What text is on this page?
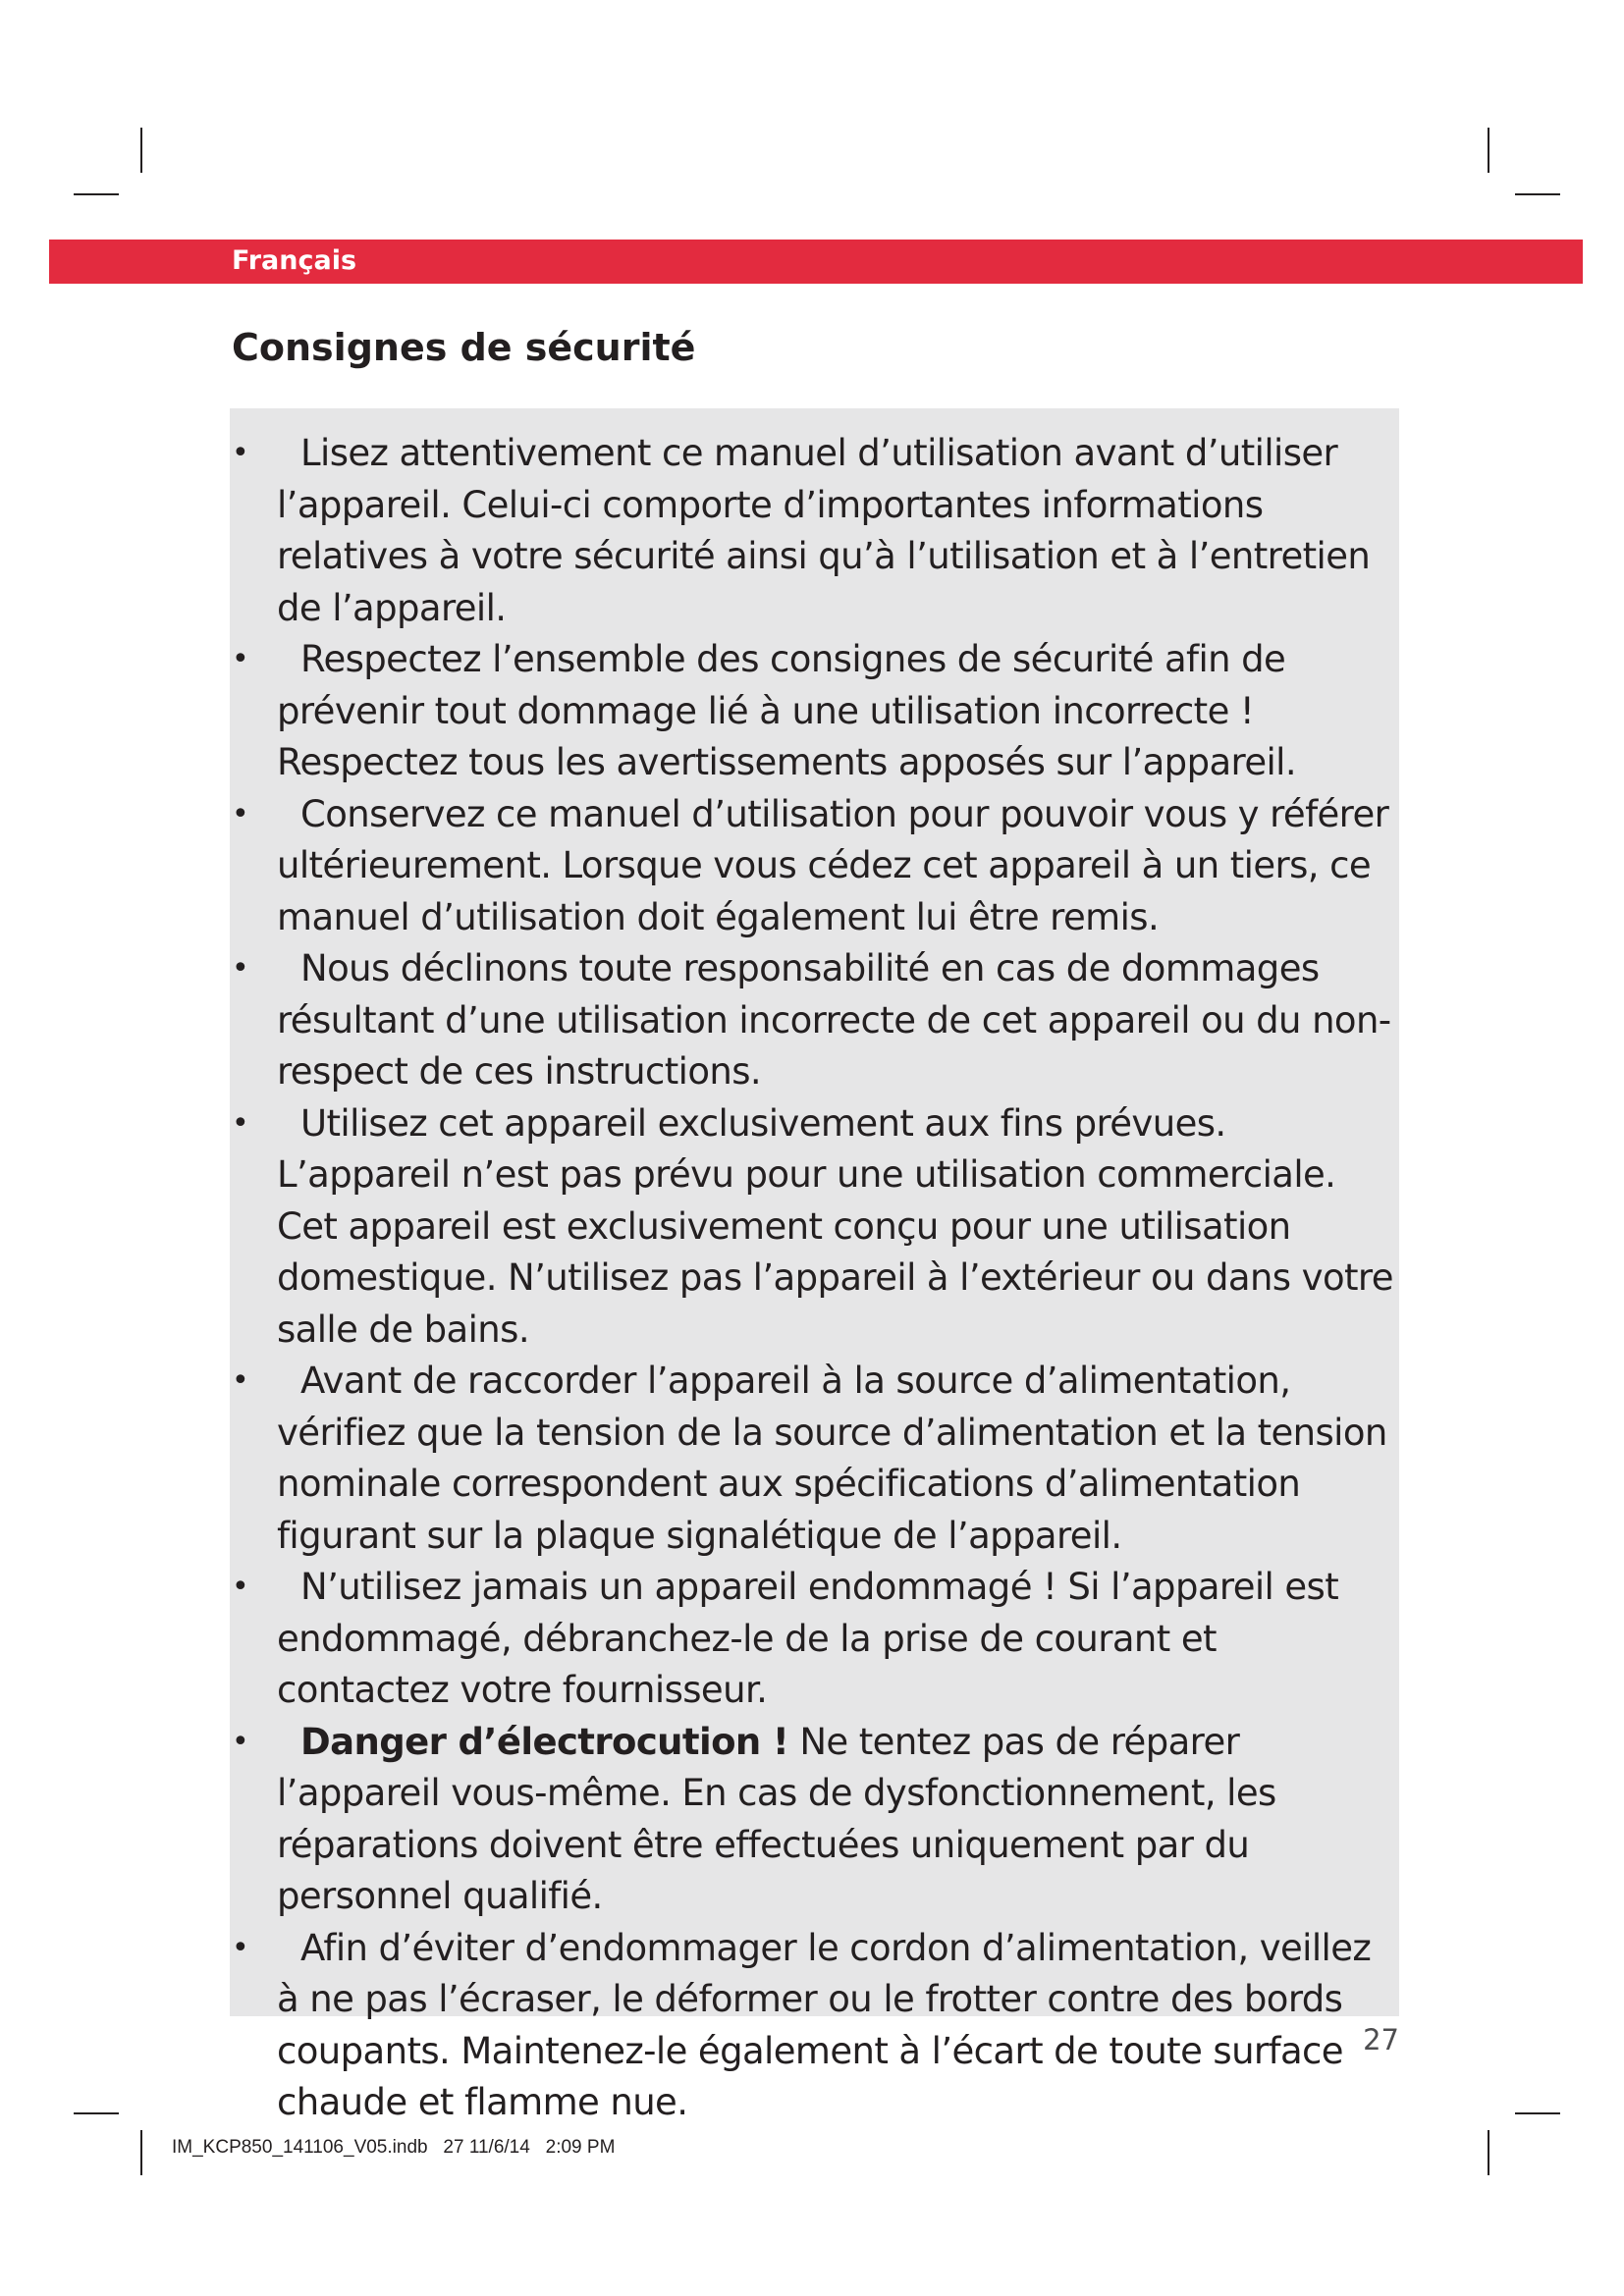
Français
Consignes de sécurité
• Lisez attentivement ce manuel d’utilisation avant d’utiliser l’appareil. Celui-ci comporte d’importantes informations relatives à votre sécurité ainsi qu’à l’utilisation et à l’entretien de l’appareil.
• Respectez l’ensemble des consignes de sécurité afin de prévenir tout dommage lié à une utilisation incorrecte ! Respectez tous les avertissements apposés sur l’appareil.
• Conservez ce manuel d’utilisation pour pouvoir vous y référer ultérieurement. Lorsque vous cédez cet appareil à un tiers, ce manuel d’utilisation doit également lui être remis.
• Nous déclinons toute responsabilité en cas de dommages résultant d’une utilisation incorrecte de cet appareil ou du non-respect de ces instructions.
• Utilisez cet appareil exclusivement aux fins prévues. L’appareil n’est pas prévu pour une utilisation commerciale. Cet appareil est exclusivement conçu pour une utilisation domestique. N’utilisez pas l’appareil à l’extérieur ou dans votre salle de bains.
• Avant de raccorder l’appareil à la source d’alimentation, vérifiez que la tension de la source d’alimentation et la tension nominale correspondent aux spécifications d’alimentation figurant sur la plaque signalétique de l’appareil.
• N’utilisez jamais un appareil endommagé ! Si l’appareil est endommagé, débranchez-le de la prise de courant et contactez votre fournisseur.
• Danger d’électrocution ! Ne tentez pas de réparer l’appareil vous-même. En cas de dysfonctionnement, les réparations doivent être effectuées uniquement par du personnel qualifié.
• Afin d’éviter d’endommager le cordon d’alimentation, veillez à ne pas l’écraser, le déformer ou le frotter contre des bords coupants. Maintenez-le également à l’écart de toute surface chaude et flamme nue.
27
IM_KCP850_141106_V05.indb   27 11/6/14   2:09 PM
